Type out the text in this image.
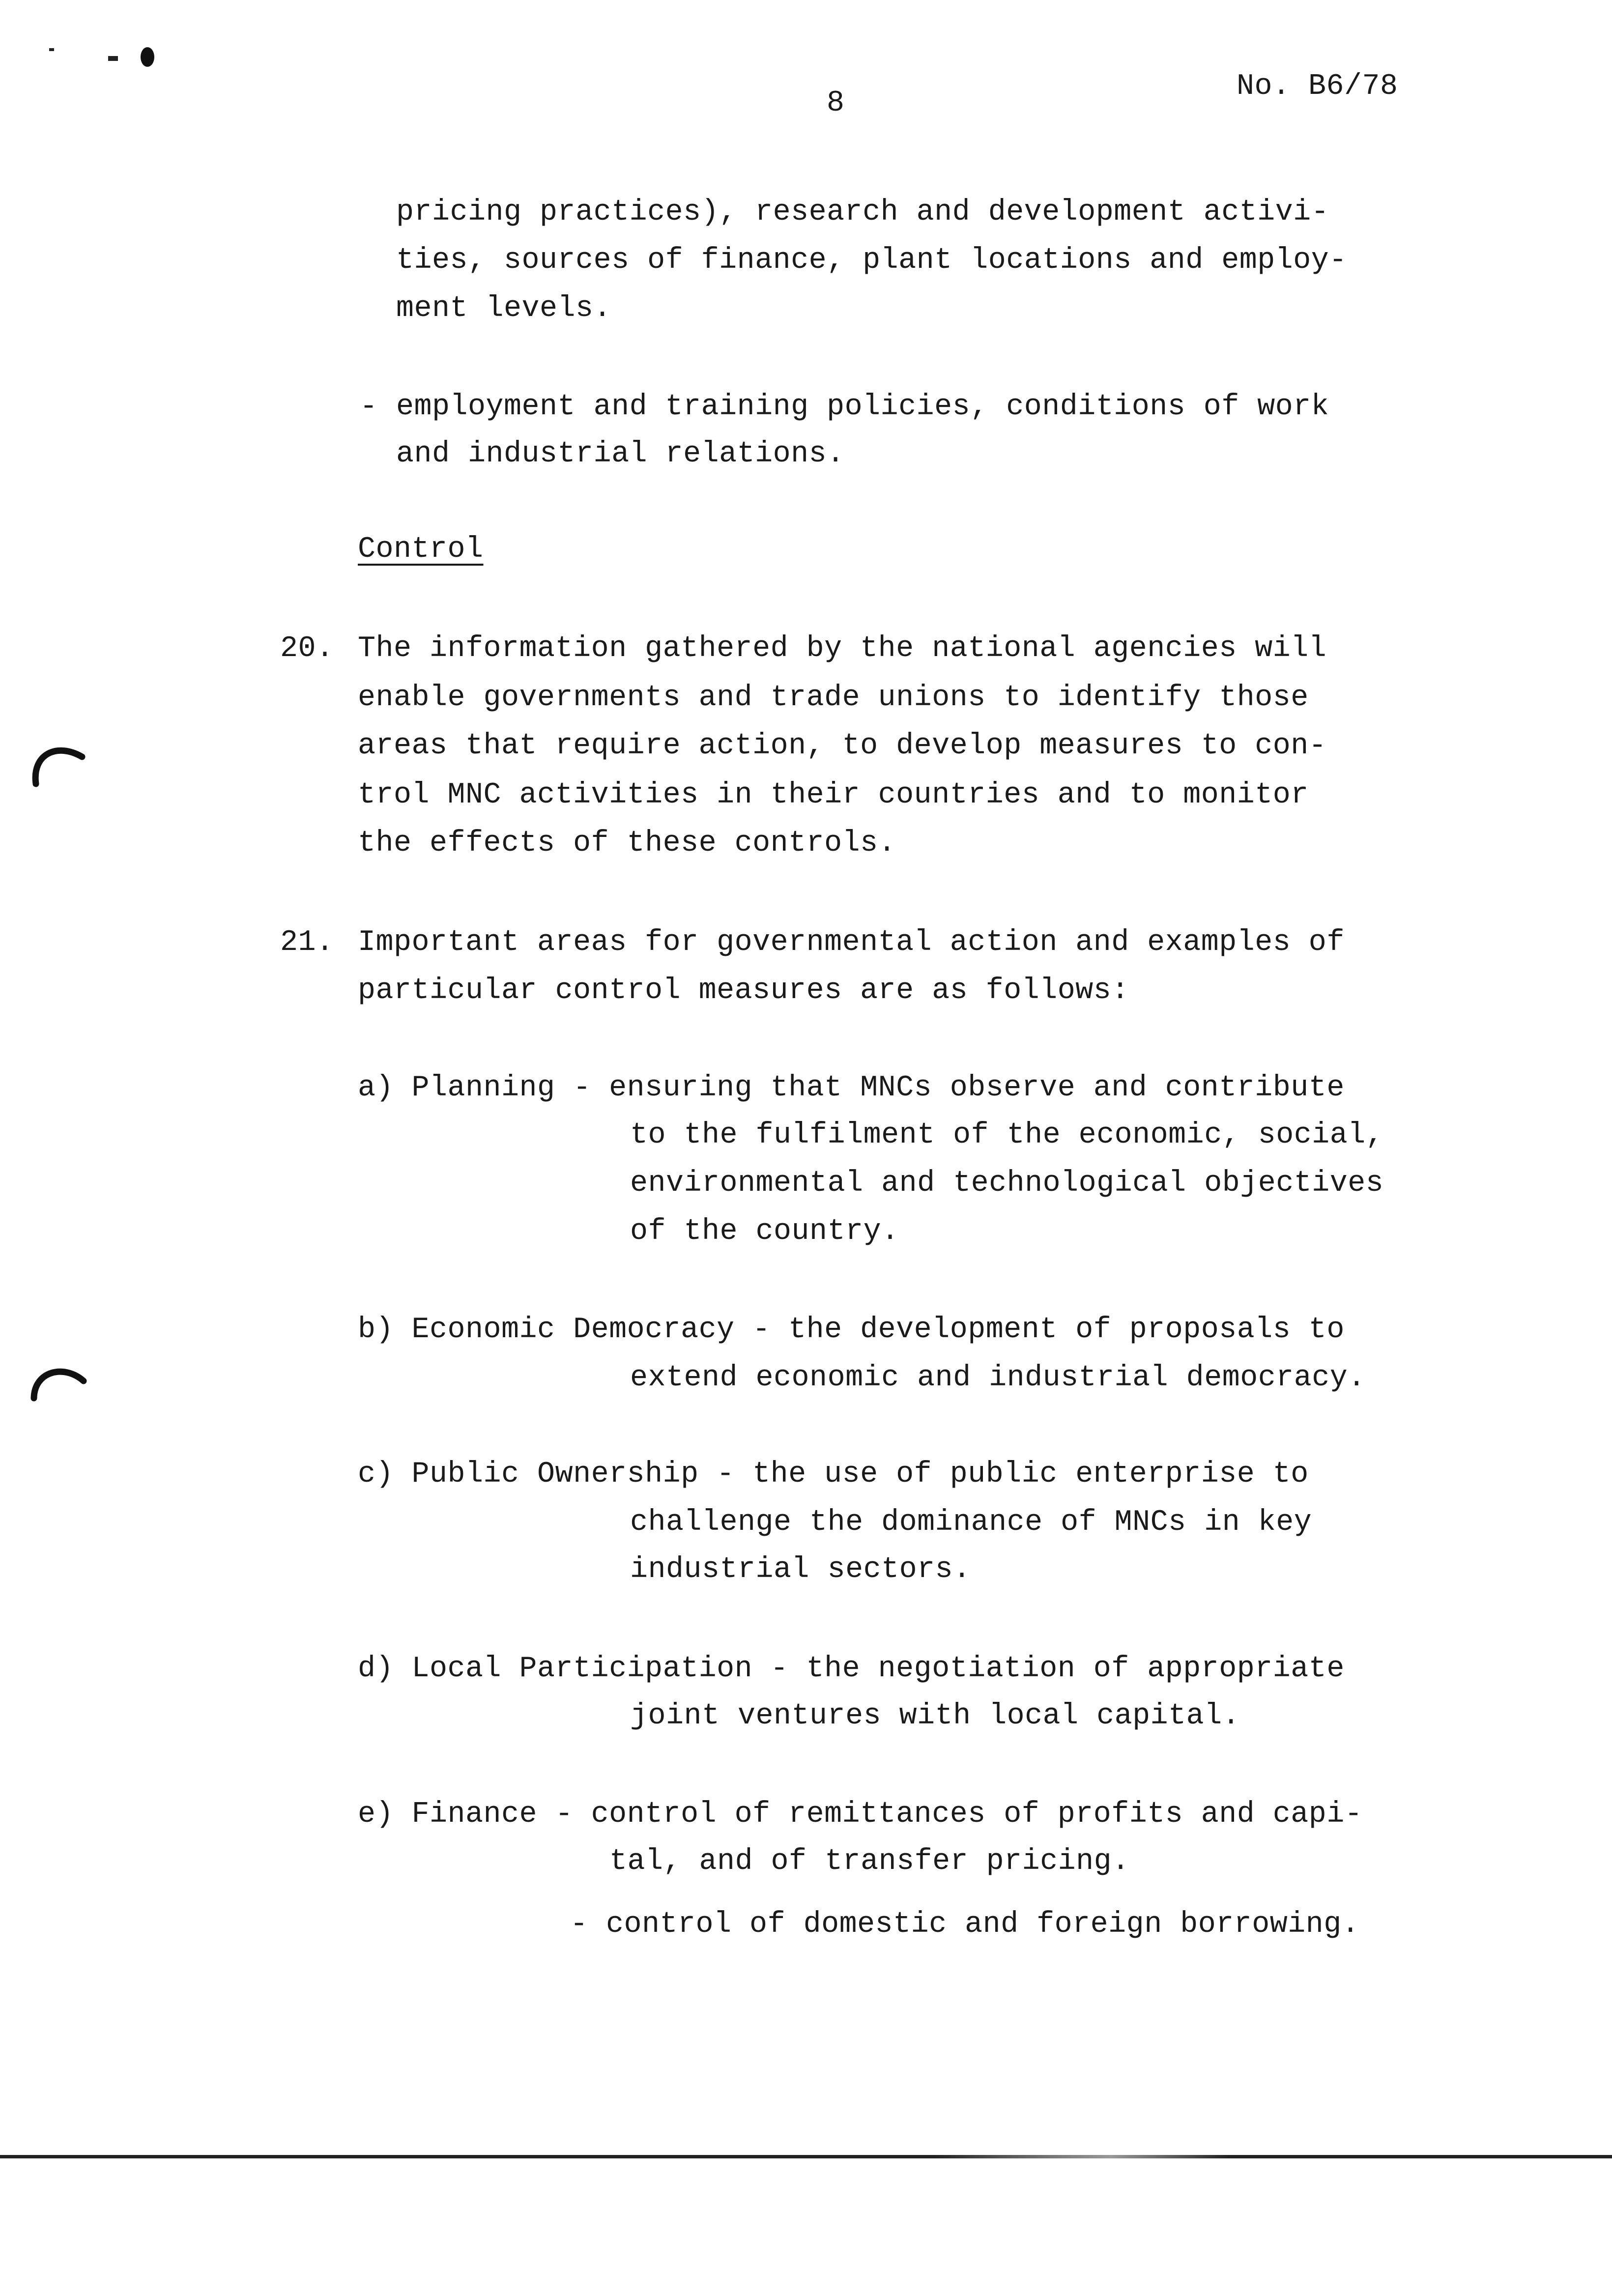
8	No. B6/78
pricing practices), research and development activi-
ties, sources of finance, plant locations and employ-
ment levels.
- employment and training policies, conditions of work
and industrial relations.
Control
20. The information gathered by the national agencies will
enable governments and trade unions to identify those
areas that require action, to develop measures to con-
trol MNC activities in their countries and to monitor
the effects of these controls.
21. Important areas for governmental action and examples of
particular control measures are as follows:
a) Planning - ensuring that MNCs observe and contribute
to the fulfilment of the economic, social,
environmental and technological objectives
of the country.
b) Economic Democracy - the development of proposals to
extend economic and industrial democracy.
c) Public Ownership - the use of public enterprise to
challenge the dominance of MNCs in key
industrial sectors.
d) Local Participation - the negotiation of appropriate
joint ventures with local capital.
e) Finance - control of remittances of profits and capi-
tal, and of transfer pricing.
- control of domestic and foreign borrowing.
